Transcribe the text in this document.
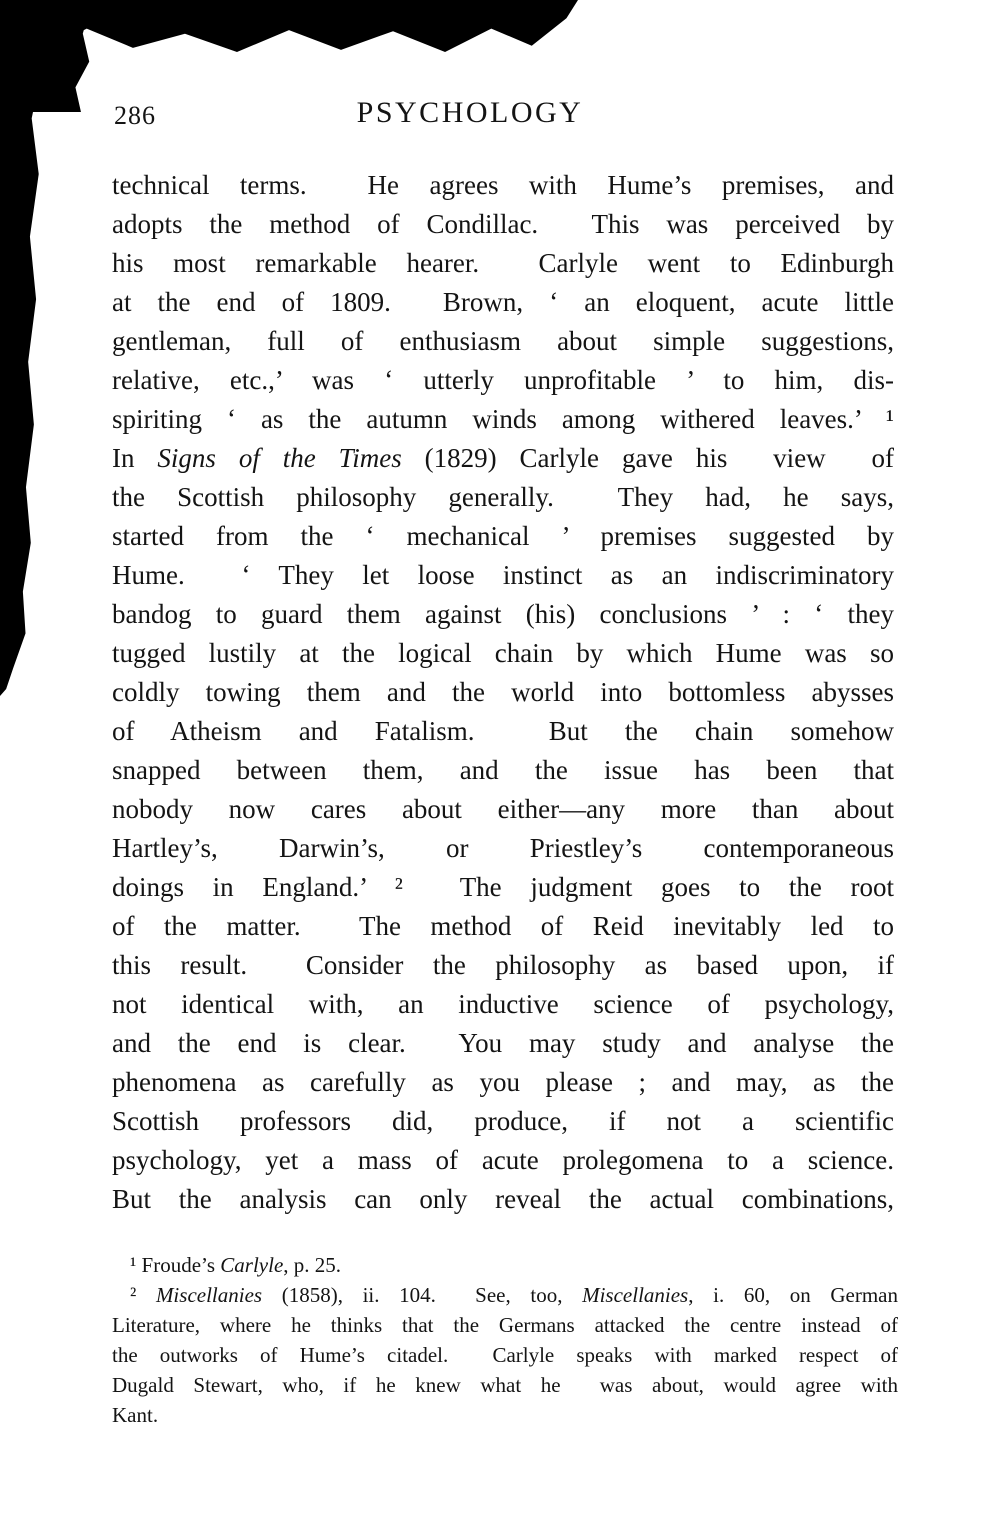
286	PSYCHOLOGY
technical terms.  He agrees with Hume’s premises, and
adopts the method of Condillac.  This was perceived by
his most remarkable hearer.  Carlyle went to Edinburgh
at the end of 1809.  Brown, ‘ an eloquent, acute little
gentleman, full of enthusiasm about simple suggestions,
relative, etc.,’ was ‘ utterly unprofitable ’ to him, dis-
spiriting ‘ as the autumn winds among withered leaves.’ ¹
In Signs of the Times (1829) Carlyle gave his  view  of
the Scottish philosophy generally.  They had, he says,
started from the ‘ mechanical ’ premises suggested by
Hume.  ‘ They let loose instinct as an indiscriminatory
bandog to guard them against (his) conclusions ’ : ‘ they
tugged lustily at the logical chain by which Hume was so
coldly towing them and the world into bottomless abysses
of Atheism and Fatalism.  But the chain somehow
snapped between them, and the issue has been that
nobody now cares about either—any more than about
Hartley’s, Darwin’s, or Priestley’s contemporaneous
doings in England.’ ²  The judgment goes to the root
of the matter.  The method of Reid inevitably led to
this result.  Consider the philosophy as based upon, if
not identical with, an inductive science of psychology,
and the end is clear.  You may study and analyse the
phenomena as carefully as you please ; and may, as the
Scottish professors did, produce, if not a scientific
psychology, yet a mass of acute prolegomena to a science.
But the analysis can only reveal the actual combinations,
¹ Froude’s Carlyle, p. 25.
² Miscellanies (1858), ii. 104.  See, too, Miscellanies, i. 60, on German
Literature, where he thinks that the Germans attacked the centre instead of
the outworks of Hume’s citadel.  Carlyle speaks with marked respect of
Dugald Stewart, who, if he knew what he  was about, would agree with
Kant.
